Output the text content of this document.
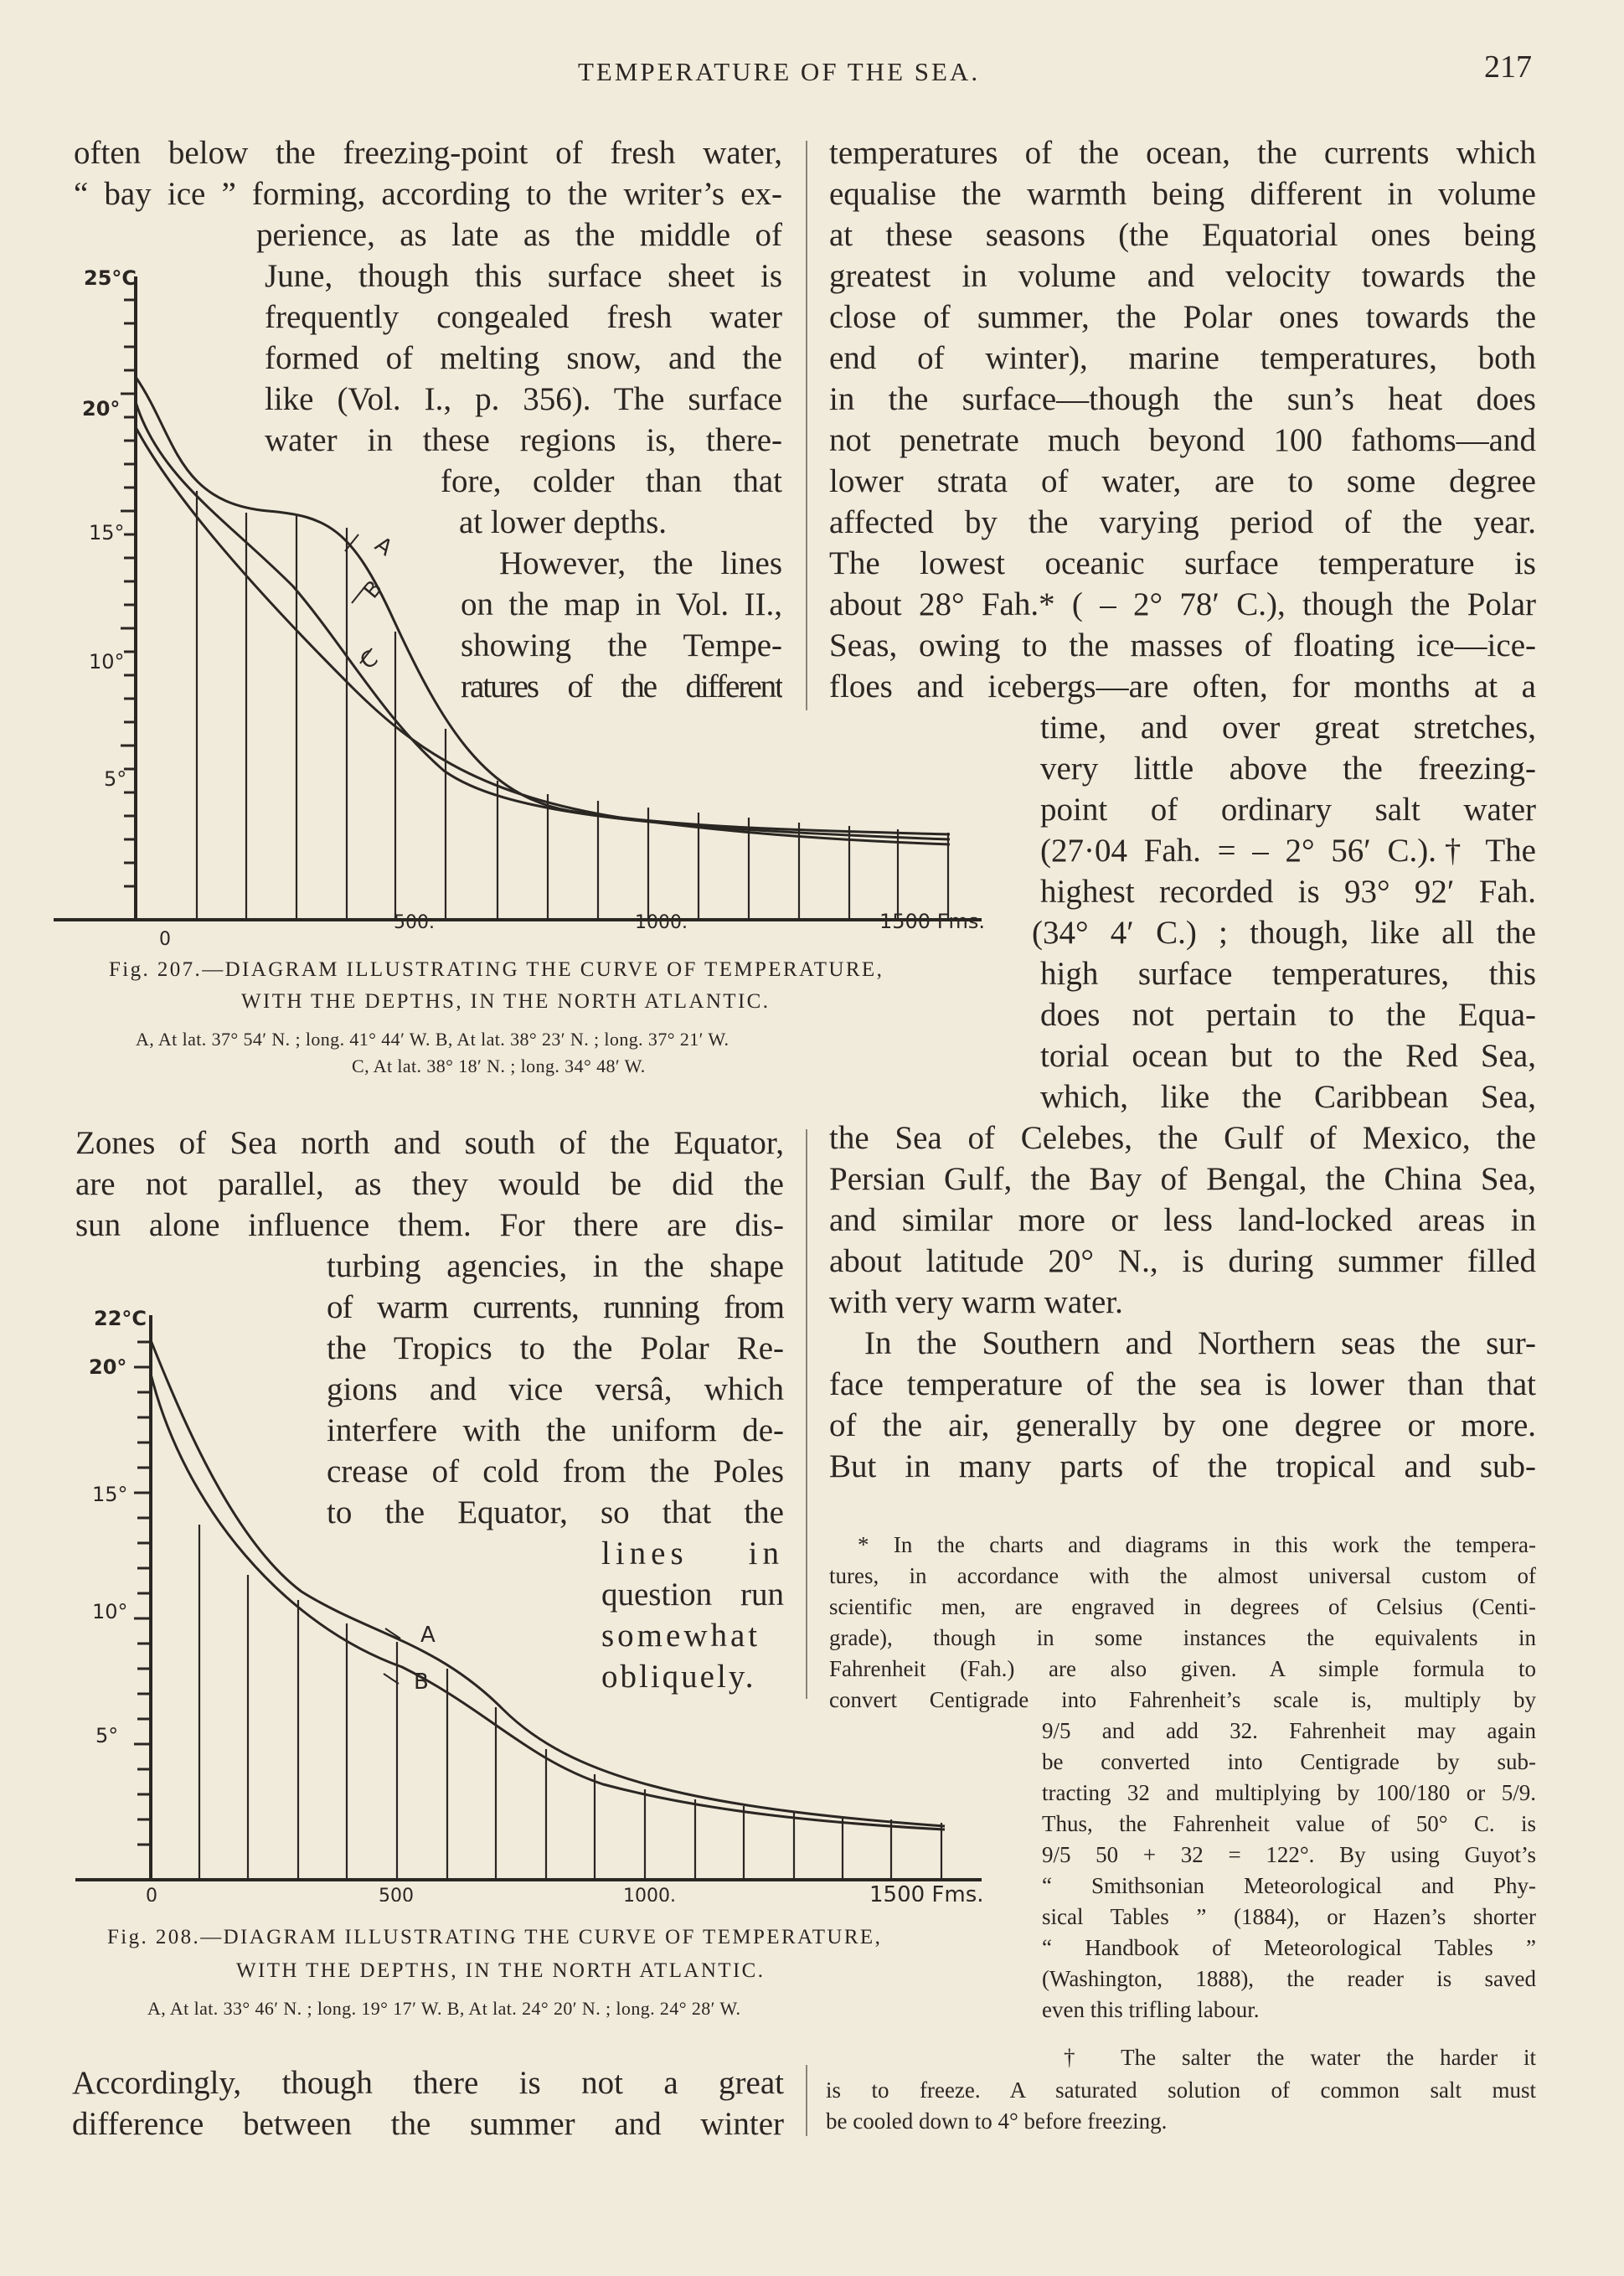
TEMPERATURE OF THE SEA.	217
often below the freezing-point of fresh water,
“ bay ice ” forming, according to the writer’s ex-
perience, as late as the middle of
June, though this surface sheet is
frequently congealed fresh water
formed of melting snow, and the
like (Vol. I., p. 356). The surface
water in these regions is, there-
fore, colder than that
at lower depths.
However, the lines
on the map in Vol. II.,
showing the Tempe-
ratures of the different
temperatures of the ocean, the currents which
equalise the warmth being different in volume
at these seasons (the Equatorial ones being
greatest in volume and velocity towards the
close of summer, the Polar ones towards the
end of winter), marine temperatures, both
in the surface—though the sun’s heat does
not penetrate much beyond 100 fathoms—and
lower strata of water, are to some degree
affected by the varying period of the year.
The lowest oceanic surface temperature is
about 28° Fah.* ( – 2° 78′ C.), though the Polar
Seas, owing to the masses of floating ice—ice-
floes and icebergs—are often, for months at a
time, and over great stretches,
very little above the freezing-
point of ordinary salt water
(27·04 Fah. = – 2° 56′ C.).† The
highest recorded is 93° 92′ Fah.
(34° 4′ C.) ; though, like all the
high surface temperatures, this
does not pertain to the Equa-
torial ocean but to the Red Sea,
which, like the Caribbean Sea,
A
B
C
25°C
20°
15°
10°
5°
0
500.	1000.	1500 Fms.
Fig. 207.—DIAGRAM ILLUSTRATING THE CURVE OF TEMPERATURE,
WITH THE DEPTHS, IN THE NORTH ATLANTIC.
A, At lat. 37° 54′ N. ; long. 41° 44′ W. B, At lat. 38° 23′ N. ; long. 37° 21′ W.
C, At lat. 38° 18′ N. ; long. 34° 48′ W.
Zones of Sea north and south of the Equator,
are not parallel, as they would be did the
sun alone influence them. For there are dis-
turbing agencies, in the shape
of warm currents, running from
the Tropics to the Polar Re-
gions and vice versâ, which
interfere with the uniform de-
crease of cold from the Poles
to the Equator, so that the
lines in
question run
somewhat
obliquely.
the Sea of Celebes, the Gulf of Mexico, the
Persian Gulf, the Bay of Bengal, the China Sea,
and similar more or less land-locked areas in
about latitude 20° N., is during summer filled
with very warm water.
In the Southern and Northern seas the sur-
face temperature of the sea is lower than that
of the air, generally by one degree or more.
But in many parts of the tropical and sub-
A
B
22°C
20°
15°
10°
5°
0	500	1000.	1500 Fms.
Fig. 208.—DIAGRAM ILLUSTRATING THE CURVE OF TEMPERATURE,
WITH THE DEPTHS, IN THE NORTH ATLANTIC.
A, At lat. 33° 46′ N. ; long. 19° 17′ W. B, At lat. 24° 20′ N. ; long. 24° 28′ W.
* In the charts and diagrams in this work the tempera-
tures, in accordance with the almost universal custom of
scientific men, are engraved in degrees of Celsius (Centi-
grade), though in some instances the equivalents in
Fahrenheit (Fah.) are also given. A simple formula to
convert Centigrade into Fahrenheit’s scale is, multiply by
9/5 and add 32. Fahrenheit may again
be converted into Centigrade by sub-
tracting 32 and multiplying by 100/180 or 5/9.
Thus, the Fahrenheit value of 50° C. is
9/5 50 + 32 = 122°. By using Guyot’s
“ Smithsonian Meteorological and Phy-
sical Tables ” (1884), or Hazen’s shorter
“ Handbook of Meteorological Tables ”
(Washington, 1888), the reader is saved
even this trifling labour.
† The salter the water the harder it
is to freeze. A saturated solution of common salt must
be cooled down to 4° before freezing.
Accordingly, though there is not a great
difference between the summer and winter
